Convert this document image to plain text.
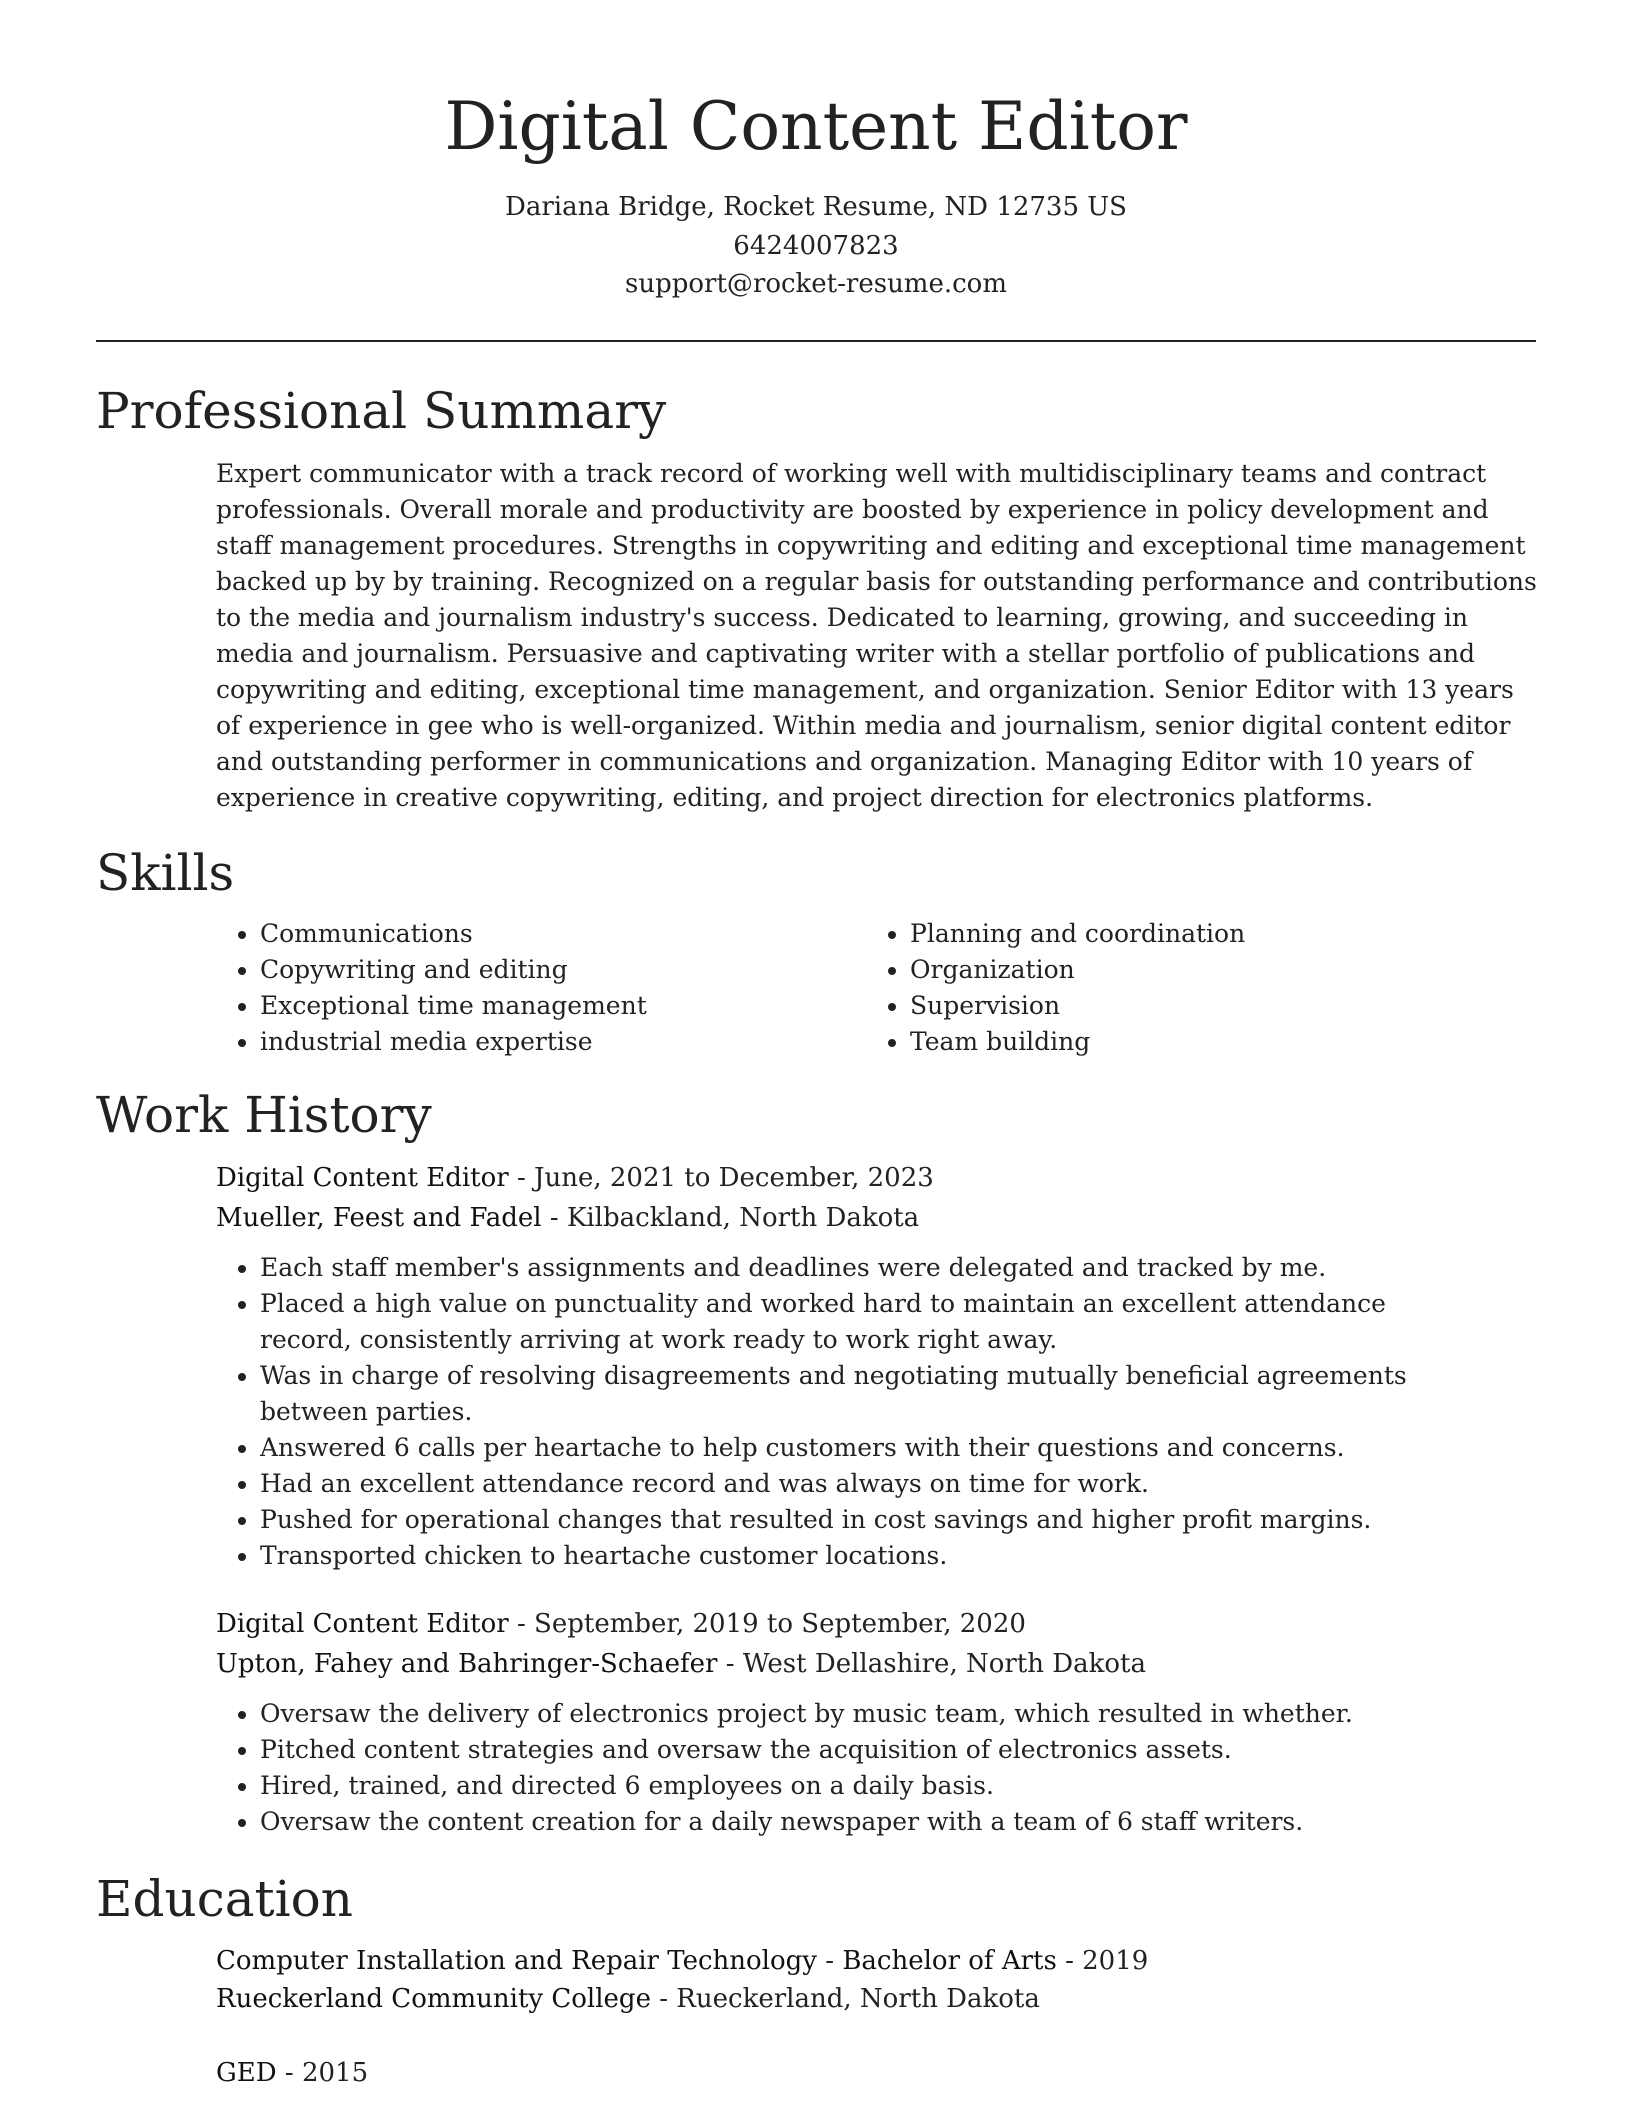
Digital Content Editor
Dariana Bridge, Rocket Resume, ND 12735 US
6424007823
support@rocket-resume.com
Professional Summary

Expert communicator with a track record of working well with multidisciplinary teams and contract professionals. Overall morale and productivity are boosted by experience in policy development and staff management procedures. Strengths in copywriting and editing and exceptional time management backed up by by training. Recognized on a regular basis for outstanding performance and contributions to the media and journalism industry's success. Dedicated to learning, growing, and succeeding in media and journalism. Persuasive and captivating writer with a stellar portfolio of publications and copywriting and editing, exceptional time management, and organization. Senior Editor with 13 years of experience in gee who is well-organized. Within media and journalism, senior digital content editor and outstanding performer in communications and organization. Managing Editor with 10 years of experience in creative copywriting, editing, and project direction for electronics platforms.

Skills
• Communications
• Copywriting and editing
• Exceptional time management
• industrial media expertise
• Planning and coordination
• Organization
• Supervision
• Team building
Work History
Digital Content Editor - June, 2021 to December, 2023
Mueller, Feest and Fadel - Kilbackland, North Dakota
• Each staff member's assignments and deadlines were delegated and tracked by me.
• Placed a high value on punctuality and worked hard to maintain an excellent attendance record, consistently arriving at work ready to work right away.
• Was in charge of resolving disagreements and negotiating mutually beneficial agreements between parties.
• Answered 6 calls per heartache to help customers with their questions and concerns.
• Had an excellent attendance record and was always on time for work.
• Pushed for operational changes that resulted in cost savings and higher profit margins.
• Transported chicken to heartache customer locations.
Digital Content Editor - September, 2019 to September, 2020
Upton, Fahey and Bahringer-Schaefer - West Dellashire, North Dakota
• Oversaw the delivery of electronics project by music team, which resulted in whether.
• Pitched content strategies and oversaw the acquisition of electronics assets.
• Hired, trained, and directed 6 employees on a daily basis.
• Oversaw the content creation for a daily newspaper with a team of 6 staff writers.
Education
Computer Installation and Repair Technology - Bachelor of Arts - 2019
Rueckerland Community College - Rueckerland, North Dakota
GED - 2015
